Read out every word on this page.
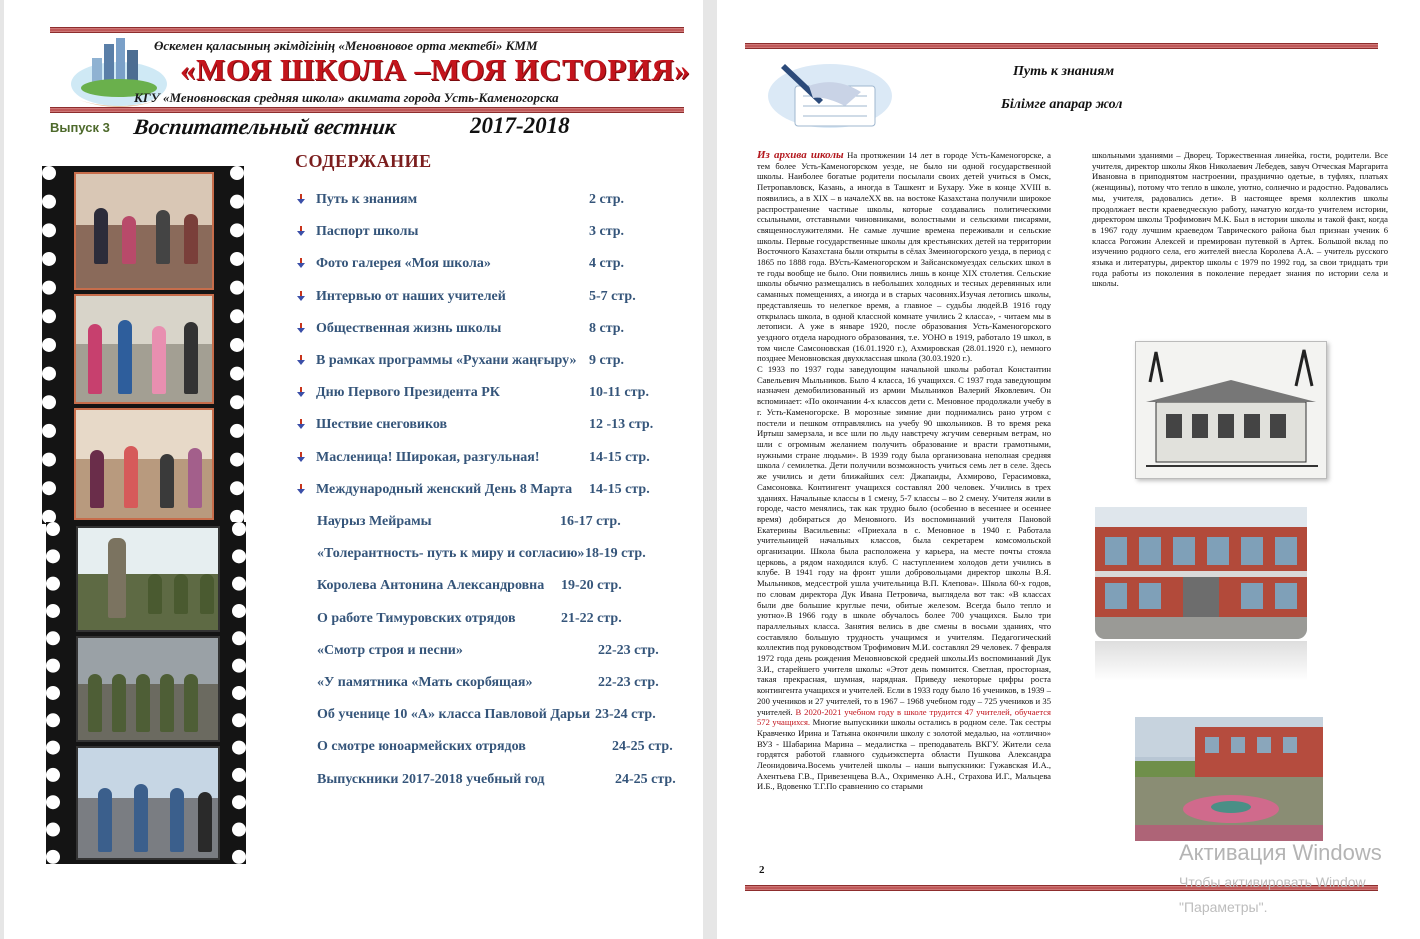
Өскемен қаласының әкімдігінің «Меновновое орта мектебі» КММ
«МОЯ ШКОЛА –МОЯ ИСТОРИЯ»
КГУ «Меновновская средняя школа» акимата города Усть-Каменогорска
Выпуск 3 Воспитательный вестник	2017-2018
СОДЕРЖАНИЕ
Путь к знаниям	2 стр.
Паспорт школы	3 стр.
Фото галерея «Моя школа»	4 стр.
Интервью от наших учителей	5-7 стр.
Общественная жизнь школы	8 стр.
В рамках программы «Рухани жаңғыру» 9 стр.
Дню Первого Президента РК	10-11 стр.
Шествие снеговиков	12 -13 стр.
Масленица! Широкая, разгульная!	14-15 стр.
Международный женский День 8 Марта 14-15 стр.
Наурыз Мейрамы	16-17 стр.
«Толерантность- путь к миру и согласию» 18-19 стр.
Королева Антонина Александровна 19-20 стр.
О работе Тимуровских отрядов	21-22 стр.
«Смотр строя и песни»	22-23 стр.
«У памятника «Мать скорбящая»	22-23 стр.
Об ученице 10 «А» класса Павловой Дарьи 23-24 стр.
О смотре юноармейских отрядов	24-25 стр.
Выпускники 2017-2018 учебный год	24-25 стр.
Путь к знаниям
Білімге апарар жол
Из архива школы На протяжении 14 лет в городе Усть-Каменогорске, а тем более Усть-Каменогорском уезде, не было ни одной государственной школы. Наиболее богатые родители посылали своих детей учиться в Омск, Петропавловск, Казань, а иногда в Ташкент и Бухару. Уже в конце XVIII в. появились, а в XIX – в началеXX вв. на востоке Казахстана получили широкое распространение частные школы, которые создавались политическими ссыльными, отставными чиновниками, волостными и сельскими писарями, священнослужителями. Не самые лучшие времена переживали и сельские школы. Первые государственные школы для крестьянских детей на территории Восточного Казахстана были открыты в сёлах Змеиногорского уезда, в период с 1865 по 1888 года. ВУсть-Каменогорском и Зайсанскомуездах сельских школ в те годы вообще не было. Они появились лишь в конце XIX столетия. Сельские школы обычно размещались в небольших холодных и тесных деревянных или саманных помещениях, а иногда и в старых часовнях.Изучая летопись школы, представляешь то нелегкое время, а главное – судьбы людей.В 1916 году открылась школа, в одной классной комнате учились 2 класса», - читаем мы в летописи. А уже в январе 1920, после образования Усть-Каменогорского уездного отдела народного образования, т.е. УОНО в 1919, работало 19 школ, в том числе Самсоновская (16.01.1920 г.), Ахмировская (28.01.1920 г.), немного позднее Меновновская двухклассная школа (30.03.1920 г.).
С 1933 по 1937 годы заведующим начальной школы работал Константин Савельевич Мыльников. Было 4 класса, 16 учащихся. С 1937 года заведующим назначен демобилизованный из армии Мыльников Валерий Яковлевич. Он вспоминает: «По окончании 4-х классов дети с. Меновное продолжали учебу в г. Усть-Каменогорске. В морозные зимние дни поднимались рано утром с постели и пешком отправлялись на учебу 90 школьников. В то время река Иртыш замерзала, и все шли по льду навстречу жгучим северным ветрам, но шли с огромным желанием получить образование и врасти грамотными, нужными стране людьми». В 1939 году была организована неполная средняя школа / семилетка. Дети получили возможность учиться семь лет в селе. Здесь же учились и дети ближайших сел: Джапаиды, Ахмирово, Герасимовка, Самсоновка. Контингент учащихся составлял 200 человек. Учились в трех зданиях. Начальные классы в 1 смену, 5-7 классы – во 2 смену. Учителя жили в городе, часто менялись, так как трудно было (особенно в весеннее и осеннее время) добираться до Меновного. Из воспоминаний учителя Пановой Екатерины Васильевны: «Приехала в с. Меновное в 1940 г. Работала учительницей начальных классов, была секретарем комсомольской организации. Школа была расположена у карьера, на месте почты стояла церковь, а рядом находился клуб. С наступлением холодов дети учились в клубе. В 1941 году на фронт ушли добровольцами директор школы В.Я. Мыльников, медсестрой ушла учительница В.П. Клепова». Школа 60-х годов, по словам директора Дук Ивана Петровича, выглядела вот так: «В классах были две большие круглые печи, обитые железом. Всегда было тепло и уютно».В 1966 году в школе обучалось более 700 учащихся. Было три параллельных класса. Занятия велись в две смены в восьми зданиях, что составляло большую трудность учащимся и учителям. Педагогический коллектив под руководством Трофимович М.И. составлял 29 человек. 7 февраля 1972 года день рождения Меновновской средней школы.Из воспоминаний Дук З.И., старейшего учителя школы: «Этот день помнится. Светлая, просторная, такая прекрасная, шумная, нарядная. Приведу некоторые цифры роста контингента учащихся и учителей. Если в 1933 году было 16 учеников, в 1939 – 200 учеников и 27 учителей, то в 1967 – 1968 учебном году – 725 учеников и 35 учителей. В 2020-2021 учебном году в школе трудится 47 учителей, обучается 572 учащихся. Многие выпускники школы остались в родном селе. Так сестры Кравченко Ирина и Татьяна окончили школу с золотой медалью, на «отлично» ВУЗ - Шабарина Марина – медалистка – преподаватель ВКГУ. Жители села гордятся работой главного судьиэксперта области Пушкова Александра Леонидовича.Восемь учителей школы – наши выпускники: Гужавская И.А., Ахентьева Г.В., Привезенцева В.А., Охрименко А.Н., Страхова И.Г., Мальцева И.Б., Вдовенко Т.Г.По сравнению со старыми
школьными зданиями – Дворец. Торжественная линейка, гости, родители. Все учителя, директор школы Яков Николаевич Лебедев, завуч Отческая Маргарита Ивановна в приподнятом настроении, празднично одетые, в туфлях, платьях (женщины), потому что тепло в школе, уютно, солнечно и радостно. Радовались мы, учителя, радовались дети». В настоящее время коллектив школы продолжает вести краеведческую работу, начатую когда-то учителем истории, директором школы Трофимович М.К. Был в истории школы и такой факт, когда в 1967 году лучшим краеведом Таврического района был признан ученик 6 класса Рогожин Алексей и премирован путевкой в Артек. Большой вклад по изучению родного села, его жителей внесла Королева А.А. – учитель русского языка и литературы, директор школы с 1979 по 1992 год, за свои тридцать три года работы из поколения в поколение передает знания по истории села и школы.
2
Активация Windows
Чтобы активировать Window
"Параметры".
